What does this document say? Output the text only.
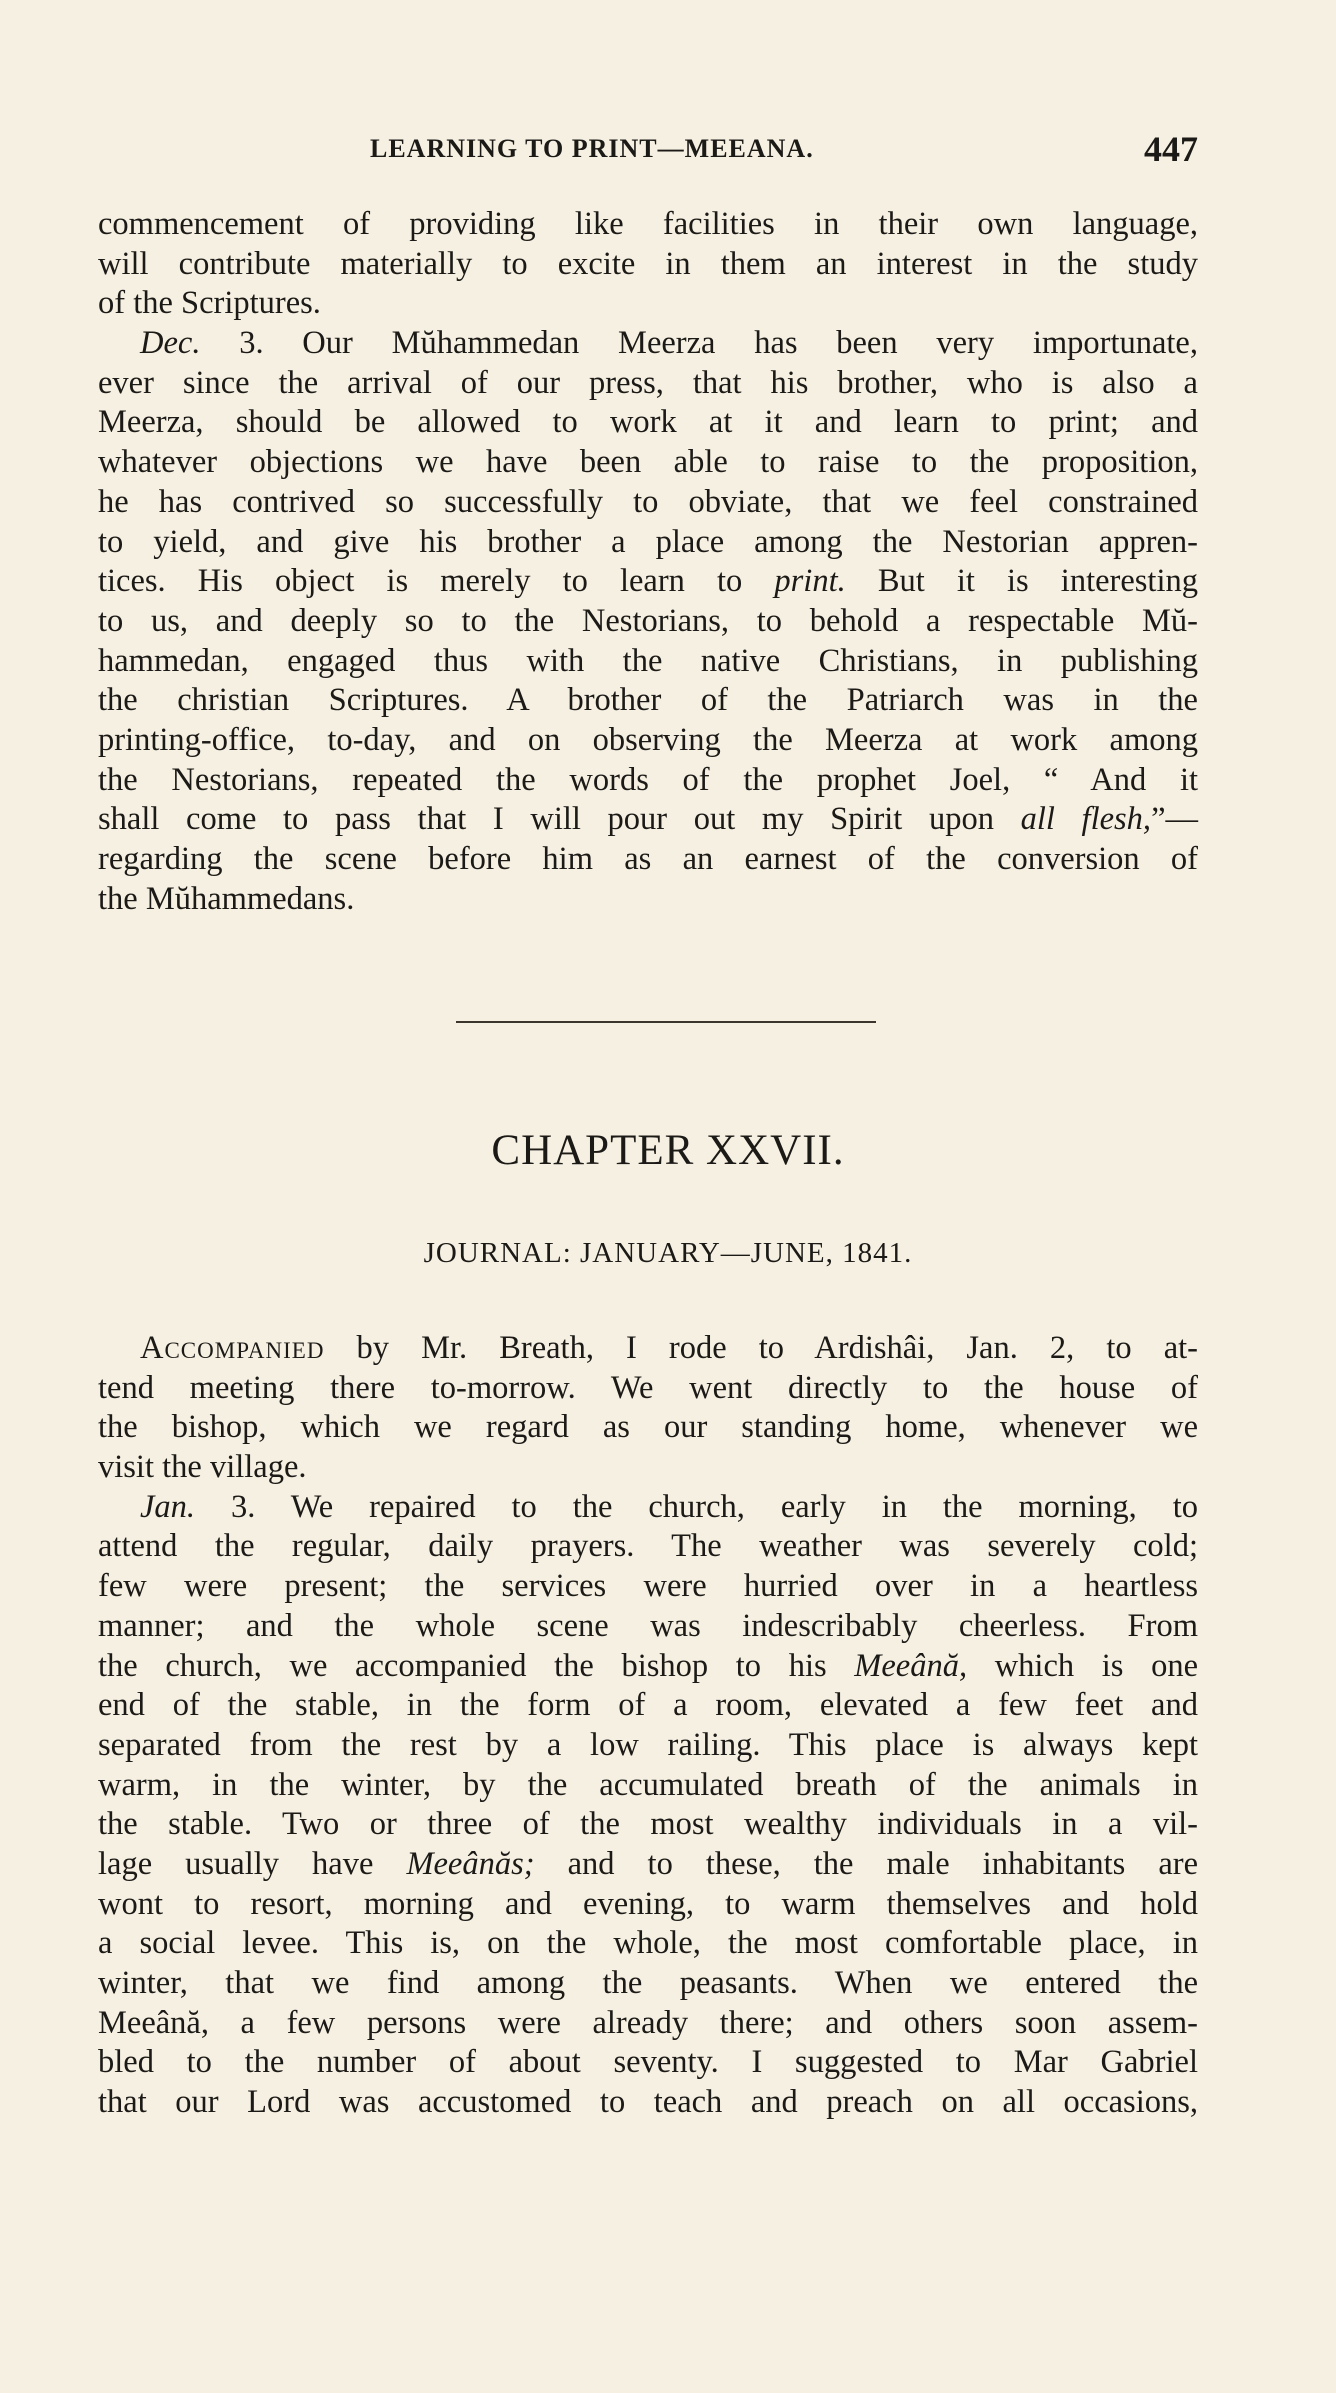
LEARNING TO PRINT—MEEANA.	447
commencement of providing like facilities in their own language,
will contribute materially to excite in them an interest in the study
of the Scriptures.
Dec. 3. Our Mŭhammedan Meerza has been very importunate,
ever since the arrival of our press, that his brother, who is also a
Meerza, should be allowed to work at it and learn to print; and
whatever objections we have been able to raise to the proposition,
he has contrived so successfully to obviate, that we feel constrained
to yield, and give his brother a place among the Nestorian appren-
tices. His object is merely to learn to print. But it is interesting
to us, and deeply so to the Nestorians, to behold a respectable Mŭ-
hammedan, engaged thus with the native Christians, in publishing
the christian Scriptures. A brother of the Patriarch was in the
printing-office, to-day, and on observing the Meerza at work among
the Nestorians, repeated the words of the prophet Joel, “ And it
shall come to pass that I will pour out my Spirit upon all flesh,”—
regarding the scene before him as an earnest of the conversion of
the Mŭhammedans.
CHAPTER XXVII.
JOURNAL: JANUARY—JUNE, 1841.
Accompanied by Mr. Breath, I rode to Ardishâi, Jan. 2, to at-
tend meeting there to-morrow. We went directly to the house of
the bishop, which we regard as our standing home, whenever we
visit the village.
Jan. 3. We repaired to the church, early in the morning, to
attend the regular, daily prayers. The weather was severely cold;
few were present; the services were hurried over in a heartless
manner; and the whole scene was indescribably cheerless. From
the church, we accompanied the bishop to his Meeână, which is one
end of the stable, in the form of a room, elevated a few feet and
separated from the rest by a low railing. This place is always kept
warm, in the winter, by the accumulated breath of the animals in
the stable. Two or three of the most wealthy individuals in a vil-
lage usually have Meeânăs; and to these, the male inhabitants are
wont to resort, morning and evening, to warm themselves and hold
a social levee. This is, on the whole, the most comfortable place, in
winter, that we find among the peasants. When we entered the
Meeână, a few persons were already there; and others soon assem-
bled to the number of about seventy. I suggested to Mar Gabriel
that our Lord was accustomed to teach and preach on all occasions,
